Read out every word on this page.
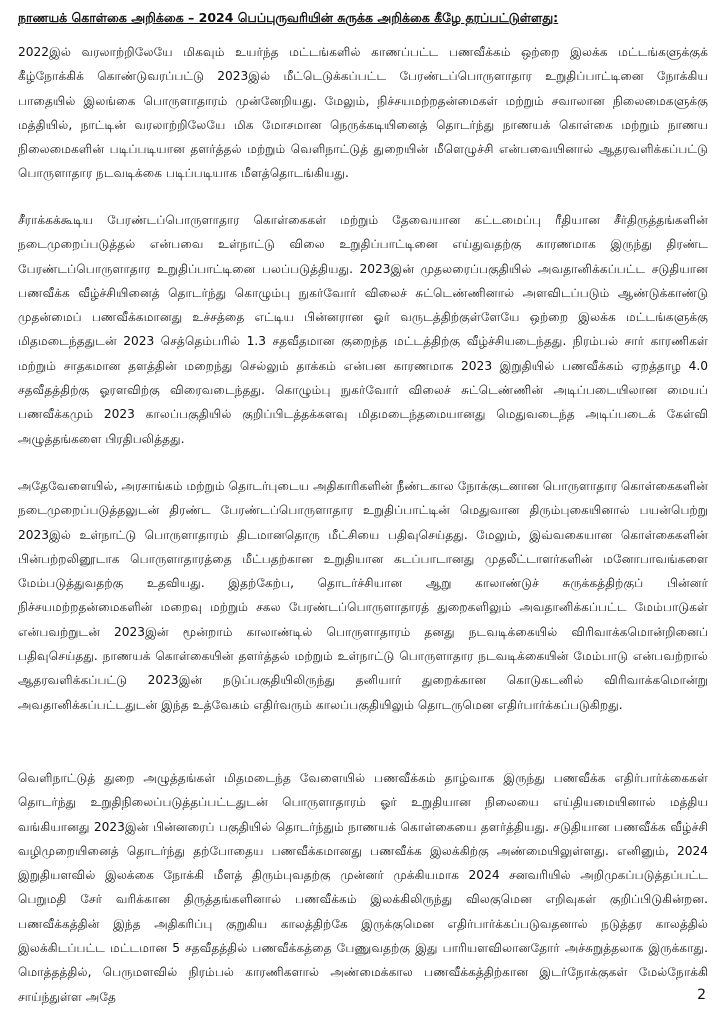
நாணயக் கொள்கை அறிக்கை – 2024 பெப்புருவரியின் சுருக்க அறிக்கை கீழே தரப்பட்டுள்ளது:

2022இல் வரலாற்றிலேயே மிகவும் உயர்ந்த மட்டங்களில் காணப்பட்ட பணவீக்கம் ஒற்றை இலக்க மட்டங்களுக்குக் கீழ்நோக்கிக் கொண்டுவரப்பட்டு 2023இல் மீட்டெடுக்கப்பட்ட பேரண்டப்பொருளாதார உறுதிப்பாட்டினை நோக்கிய பாதையில் இலங்கை பொருளாதாரம் முன்னேறியது. மேலும், நிச்சயமற்றதன்மைகள் மற்றும் சவாலான நிலைமைகளுக்கு மத்தியில், நாட்டின் வரலாற்றிலேயே மிக மோசமான நெருக்கடியினைத் தொடர்ந்து நாணயக் கொள்கை மற்றும் நாணய நிலைமைகளின் படிப்படியான தளர்த்தல் மற்றும் வெளிநாட்டுத் துறையின் மீளெழுச்சி என்பவையினால் ஆதரவளிக்கப்பட்டு பொருளாதார நடவடிக்கை படிப்படியாக மீளத்தொடங்கியது.

சீராக்கக்கூடிய பேரண்டப்பொருளாதார கொள்கைகள் மற்றும் தேவையான கட்டமைப்பு ரீதியான சீர்திருத்தங்களின் நடைமுறைப்படுத்தல் என்பவை உள்நாட்டு விலை உறுதிப்பாட்டினை எய்துவதற்கு காரணமாக இருந்து திரண்ட பேரண்டப்பொருளாதார உறுதிப்பாட்டினை பலப்படுத்தியது. 2023இன் முதலரைப்பகுதியில் அவதானிக்கப்பட்ட சடுதியான பணவீக்க வீழ்ச்சியினைத் தொடர்ந்து கொழும்பு நுகர்வோர் விலைச் சுட்டெண்ணினால் அளவிடப்படும் ஆண்டுக்காண்டு முதன்மைப் பணவீக்கமானது உச்சத்தை எட்டிய பின்னரான ஓர் வருடத்திற்குள்ளேயே ஒற்றை இலக்க மட்டங்களுக்கு மிதமடைந்ததுடன் 2023 செத்தெம்பரில் 1.3 சதவீதமான குறைந்த மட்டத்திற்கு வீழ்ச்சியடைந்தது. நிரம்பல் சார் காரணிகள் மற்றும் சாதகமான தளத்தின் மறைந்து செல்லும் தாக்கம் என்பன காரணமாக 2023 இறுதியில் பணவீக்கம் ஏறத்தாழ 4.0 சதவீதத்திற்கு ஓரளவிற்கு விரைவடைந்தது. கொழும்பு நுகர்வோர் விலைச் சுட்டெண்ணின் அடிப்படையிலான மையப் பணவீக்கமும் 2023 காலப்பகுதியில் குறிப்பிடத்தக்களவு மிதமடைந்தமையானது மெதுவடைந்த அடிப்படைக் கேள்வி அழுத்தங்களை பிரதிபலித்தது.

அதேவேளையில், அரசாங்கம் மற்றும் தொடர்புடைய அதிகாரிகளின் நீண்டகால நோக்குடனான பொருளாதார கொள்கைகளின் நடைமுறைப்படுத்தலுடன் திரண்ட பேரண்டப்பொருளாதார உறுதிப்பாட்டின் மெதுவான திரும்புகையினால் பயன்பெற்று 2023இல் உள்நாட்டு பொருளாதாரம் திடமானதொரு மீட்சியை பதிவுசெய்தது. மேலும், இவ்வகையான கொள்கைகளின் பின்பற்றலினூடாக பொருளாதாரத்தை மீட்பதற்கான உறுதியான கடப்பாடானது முதலீட்டாளர்களின் மனோபாவங்களை மேம்படுத்துவதற்கு உதவியது. இதற்கேற்ப, தொடர்ச்சியான ஆறு காலாண்டுச் சுருக்கத்திற்குப் பின்னர் நிச்சயமற்றதன்மைகளின் மறைவு மற்றும் சகல பேரண்டப்பொருளாதாரத் துறைகளிலும் அவதானிக்கப்பட்ட மேம்பாடுகள் என்பவற்றுடன் 2023இன் மூன்றாம் காலாண்டில் பொருளாதாரம் தனது நடவடிக்கையில் விரிவாக்கமொன்றினைப் பதிவுசெய்தது. நாணயக் கொள்கையின் தளர்த்தல் மற்றும் உள்நாட்டு பொருளாதார நடவடிக்கையின் மேம்பாடு என்பவற்றால் ஆதரவளிக்கப்பட்டு 2023இன் நடுப்பகுதியிலிருந்து தனியார் துறைக்கான கொடுகடனில் விரிவாக்கமொன்று அவதானிக்கப்பட்டதுடன் இந்த உத்வேகம் எதிர்வரும் காலப்பகுதியிலும் தொடருமென எதிர்பார்க்கப்படுகிறது.

வெளிநாட்டுத் துறை அழுத்தங்கள் மிதமடைந்த வேளையில் பணவீக்கம் தாழ்வாக இருந்து பணவீக்க எதிர்பார்க்கைகள் தொடர்ந்து உறுதிநிலைப்படுத்தப்பட்டதுடன் பொருளாதாரம் ஓர் உறுதியான நிலையை எய்தியமையினால் மத்திய வங்கியானது 2023இன் பின்னரைப் பகுதியில் தொடர்ந்தும் நாணயக் கொள்கையை தளர்த்தியது. சடுதியான பணவீக்க வீழ்ச்சி வழிமுறையினைத் தொடர்ந்து தற்போதைய பணவீக்கமானது பணவீக்க இலக்கிற்கு அண்மையிலுள்ளது. எனினும், 2024 இறுதியளவில் இலக்கை நோக்கி மீளத் திரும்புவதற்கு முன்னர் முக்கியமாக 2024 சனவரியில் அறிமுகப்படுத்தப்பட்ட பெறுமதி சேர் வரிக்கான திருத்தங்களினால் பணவீக்கம் இலக்கிலிருந்து விலகுமென எறிவுகள் குறிப்பிடுகின்றன. பணவீக்கத்தின் இந்த அதிகரிப்பு குறுகிய காலத்திற்கே இருக்குமென எதிர்பார்க்கப்படுவதனால் நடுத்தர காலத்தில் இலக்கிடப்பட்ட மட்டமான 5 சதவீதத்தில் பணவீக்கத்தை பேணுவதற்கு இது பாரியளவிலானதோர் அச்சுறுத்தலாக இருக்காது. மொத்தத்தில், பெருமளவில் நிரம்பல் காரணிகளால் அண்மைக்கால பணவீக்கத்திற்கான இடர்நோக்குகள் மேல்நோக்கி சாய்ந்துள்ள அதே	2
